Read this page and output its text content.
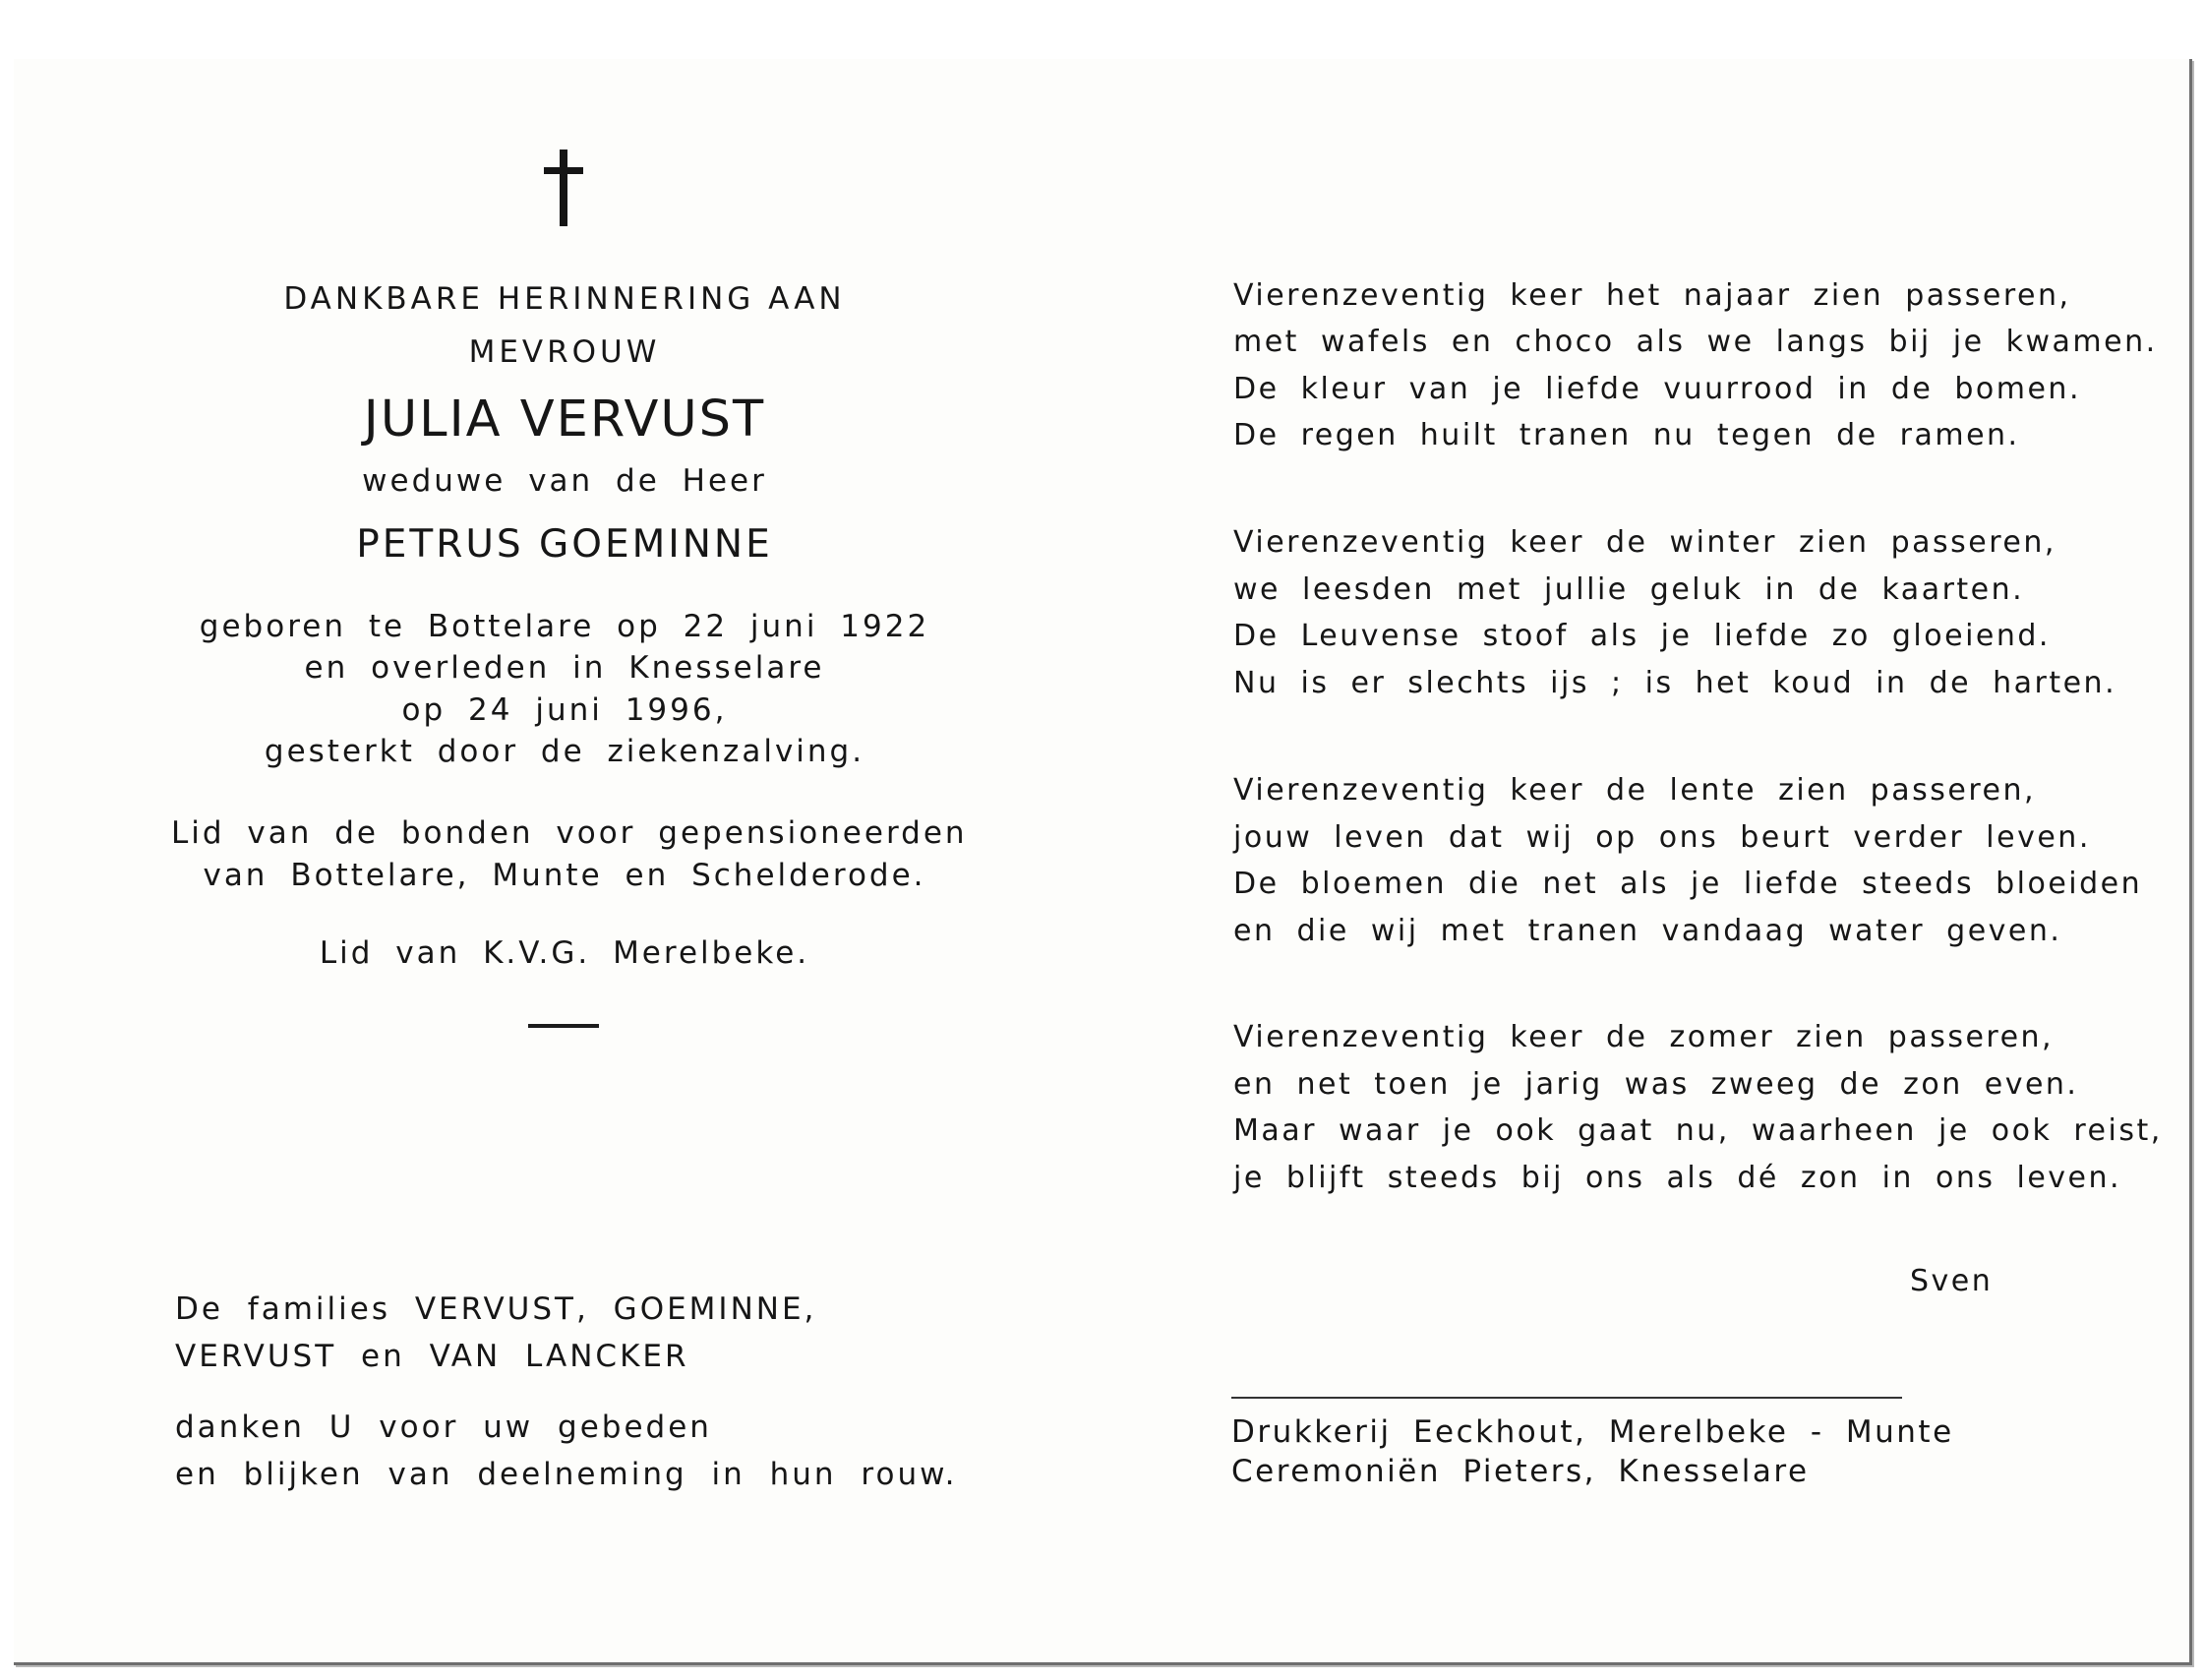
DANKBARE HERINNERING AAN
MEVROUW
JULIA VERVUST
weduwe van de Heer
PETRUS GOEMINNE
geboren te Bottelare op 22 juni 1922
en overleden in Knesselare
op 24 juni 1996,
gesterkt door de ziekenzalving.
Lid van de bonden voor gepensioneerden
van Bottelare, Munte en Schelderode.
Lid van K.V.G. Merelbeke.
De families VERVUST, GOEMINNE,
VERVUST en VAN LANCKER
danken U voor uw gebeden
en blijken van deelneming in hun rouw.
Vierenzeventig keer het najaar zien passeren,
met wafels en choco als we langs bij je kwamen.
De kleur van je liefde vuurrood in de bomen.
De regen huilt tranen nu tegen de ramen.
Vierenzeventig keer de winter zien passeren,
we leesden met jullie geluk in de kaarten.
De Leuvense stoof als je liefde zo gloeiend.
Nu is er slechts ijs ; is het koud in de harten.
Vierenzeventig keer de lente zien passeren,
jouw leven dat wij op ons beurt verder leven.
De bloemen die net als je liefde steeds bloeiden
en die wij met tranen vandaag water geven.
Vierenzeventig keer de zomer zien passeren,
en net toen je jarig was zweeg de zon even.
Maar waar je ook gaat nu, waarheen je ook reist,
je blijft steeds bij ons als dé zon in ons leven.
Sven
Drukkerij Eeckhout, Merelbeke - Munte
Ceremoniën Pieters, Knesselare
